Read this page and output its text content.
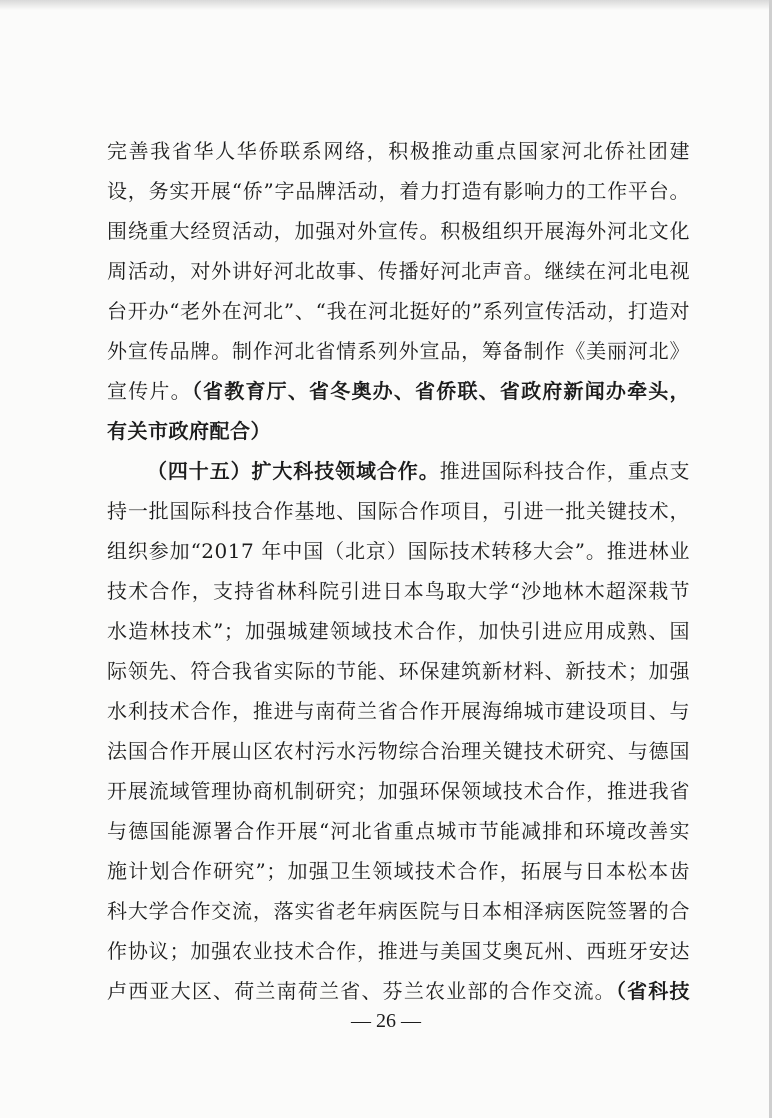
完善我省华人华侨联系网络，积极推动重点国家河北侨社团建
设，务实开展“侨”字品牌活动，着力打造有影响力的工作平台。
围绕重大经贸活动，加强对外宣传。积极组织开展海外河北文化
周活动，对外讲好河北故事、传播好河北声音。继续在河北电视
台开办“老外在河北”、“我在河北挺好的”系列宣传活动，打造对
外宣传品牌。制作河北省情系列外宣品，筹备制作《美丽河北》
宣传片。（省教育厅、省冬奥办、省侨联、省政府新闻办牵头，
有关市政府配合）
（四十五）扩大科技领域合作。推进国际科技合作，重点支
持一批国际科技合作基地、国际合作项目，引进一批关键技术，
组织参加“2017 年中国（北京）国际技术转移大会”。推进林业
技术合作，支持省林科院引进日本鸟取大学“沙地林木超深栽节
水造林技术”；加强城建领域技术合作，加快引进应用成熟、国
际领先、符合我省实际的节能、环保建筑新材料、新技术；加强
水利技术合作，推进与南荷兰省合作开展海绵城市建设项目、与
法国合作开展山区农村污水污物综合治理关键技术研究、与德国
开展流域管理协商机制研究；加强环保领域技术合作，推进我省
与德国能源署合作开展“河北省重点城市节能减排和环境改善实
施计划合作研究”；加强卫生领域技术合作，拓展与日本松本齿
科大学合作交流，落实省老年病医院与日本相泽病医院签署的合
作协议；加强农业技术合作，推进与美国艾奥瓦州、西班牙安达
卢西亚大区、荷兰南荷兰省、芬兰农业部的合作交流。（省科技
— 26 —
